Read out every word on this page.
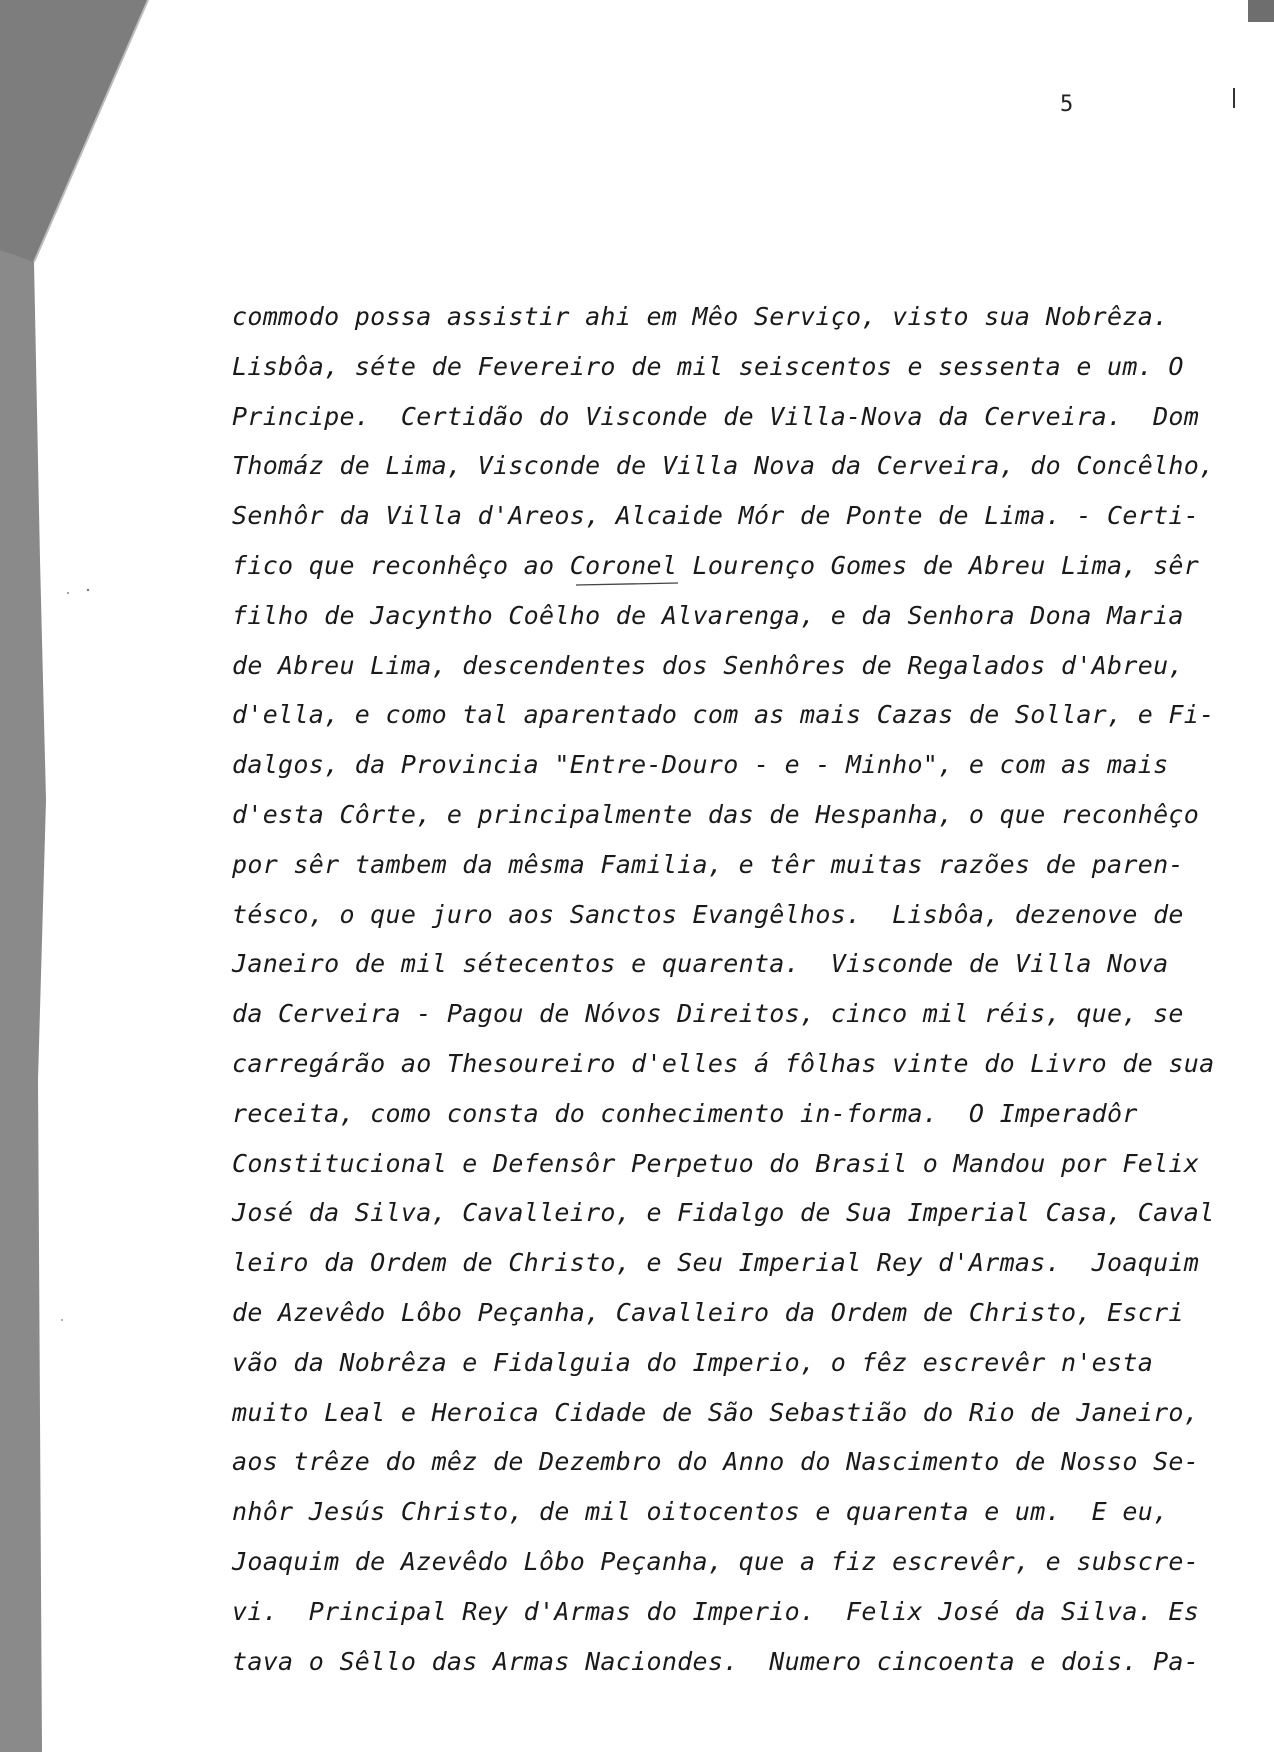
5
commodo possa assistir ahi em Mêo Serviço, visto sua Nobrêza.
Lisbôa, séte de Fevereiro de mil seiscentos e sessenta e um. O
Principe.  Certidão do Visconde de Villa-Nova da Cerveira.  Dom
Thomáz de Lima, Visconde de Villa Nova da Cerveira, do Concêlho,
Senhôr da Villa d'Areos, Alcaide Mór de Ponte de Lima. - Certi-
fico que reconhêço ao Coronel Lourenço Gomes de Abreu Lima, sêr
filho de Jacyntho Coêlho de Alvarenga, e da Senhora Dona Maria
de Abreu Lima, descendentes dos Senhôres de Regalados d'Abreu,
d'ella, e como tal aparentado com as mais Cazas de Sollar, e Fi-
dalgos, da Provincia "Entre-Douro - e - Minho", e com as mais
d'esta Côrte, e principalmente das de Hespanha, o que reconhêço
por sêr tambem da mêsma Familia, e têr muitas razões de paren-
tésco, o que juro aos Sanctos Evangêlhos.  Lisbôa, dezenove de
Janeiro de mil sétecentos e quarenta.  Visconde de Villa Nova
da Cerveira - Pagou de Nóvos Direitos, cinco mil réis, que, se
carregárão ao Thesoureiro d'elles á fôlhas vinte do Livro de sua
receita, como consta do conhecimento in-forma.  O Imperadôr
Constitucional e Defensôr Perpetuo do Brasil o Mandou por Felix
José da Silva, Cavalleiro, e Fidalgo de Sua Imperial Casa, Caval
leiro da Ordem de Christo, e Seu Imperial Rey d'Armas.  Joaquim
de Azevêdo Lôbo Peçanha, Cavalleiro da Ordem de Christo, Escri
vão da Nobrêza e Fidalguia do Imperio, o fêz escrevêr n'esta
muito Leal e Heroica Cidade de São Sebastião do Rio de Janeiro,
aos trêze do mêz de Dezembro do Anno do Nascimento de Nosso Se-
nhôr Jesús Christo, de mil oitocentos e quarenta e um.  E eu,
Joaquim de Azevêdo Lôbo Peçanha, que a fiz escrevêr, e subscre-
vi.  Principal Rey d'Armas do Imperio.  Felix José da Silva. Es
tava o Sêllo das Armas Naciondes.  Numero cincoenta e dois. Pa-
